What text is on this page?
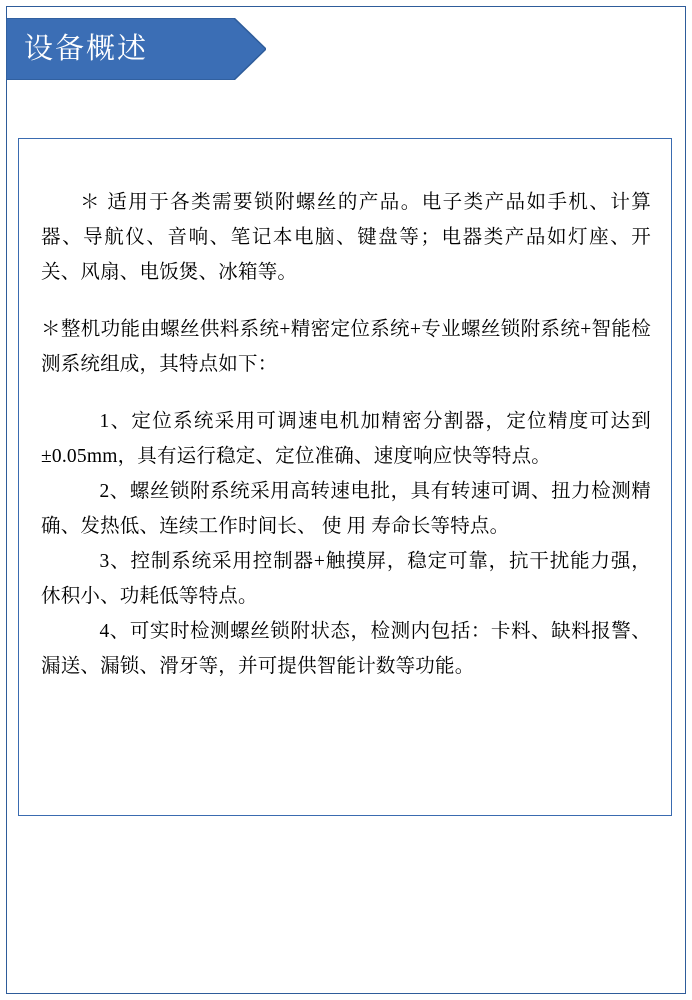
设备概述

＊ 适用于各类需要锁附螺丝的产品。电子类产品如手机、计算器、导航仪、音响、笔记本电脑、键盘等；电器类产品如灯座、开关、风扇、电饭煲、冰箱等。

＊整机功能由螺丝供料系统+精密定位系统+专业螺丝锁附系统+智能检测系统组成，其特点如下：

1、定位系统采用可调速电机加精密分割器，定位精度可达到±0.05mm，具有运行稳定、定位准确、速度响应快等特点。

2、螺丝锁附系统采用高转速电批，具有转速可调、扭力检测精确、发热低、连续工作时间长、 使 用 寿命长等特点。

3、控制系统采用控制器+触摸屏，稳定可靠，抗干扰能力强，休积小、功耗低等特点。

4、可实时检测螺丝锁附状态，检测内包括：卡料、缺料报警、漏送、漏锁、滑牙等，并可提供智能计数等功能。
